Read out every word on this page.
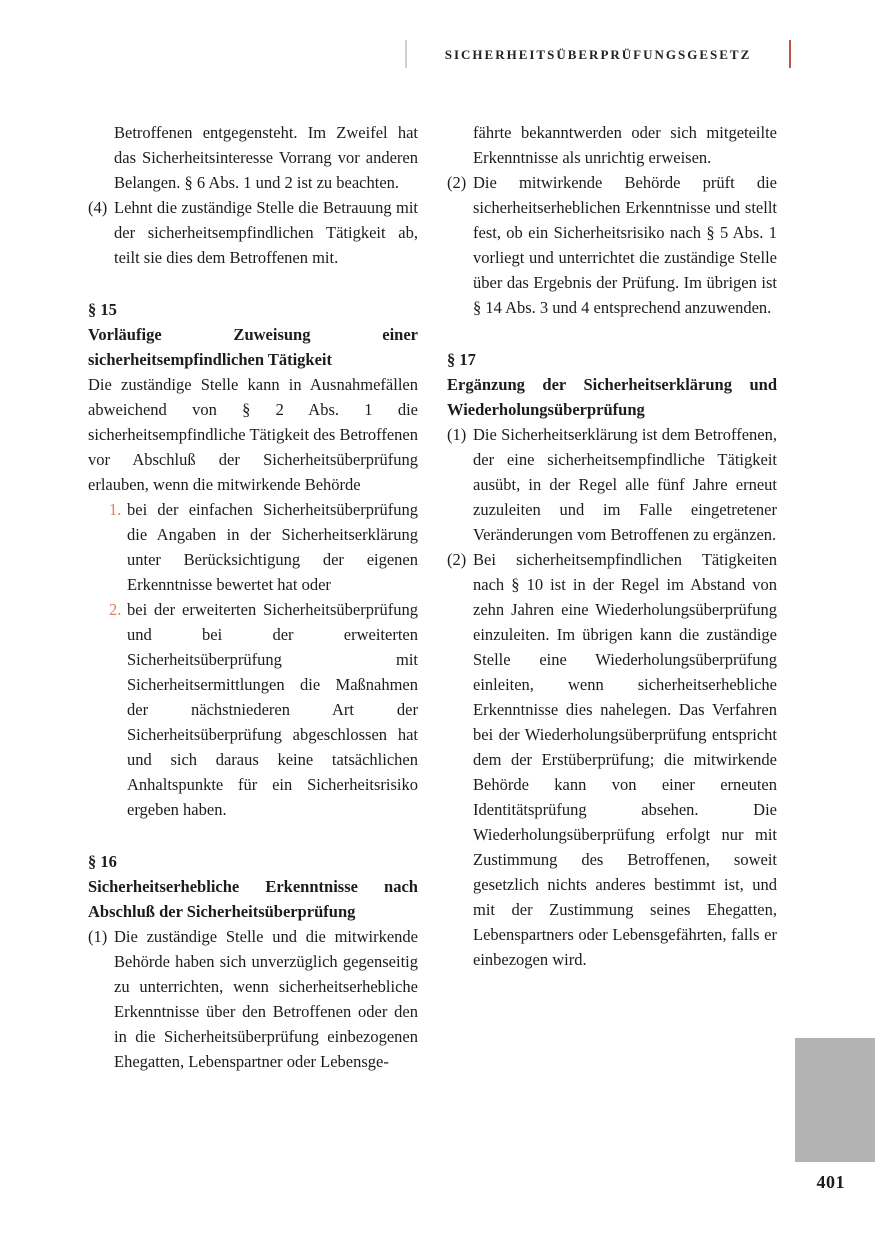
SICHERHEITSÜBERPRÜFUNGSGESETZ

Betroffenen entgegensteht. Im Zweifel hat das Sicherheitsinteresse Vorrang vor anderen Belangen. § 6 Abs. 1 und 2 ist zu beachten.

(4) Lehnt die zuständige Stelle die Betrauung mit der sicherheitsempfindlichen Tätigkeit ab, teilt sie dies dem Betroffenen mit.

§ 15

Vorläufige Zuweisung einer sicherheitsempfindlichen Tätigkeit

Die zuständige Stelle kann in Ausnahmefällen abweichend von § 2 Abs. 1 die sicherheitsempfindliche Tätigkeit des Betroffenen vor Abschluß der Sicherheitsüberprüfung erlauben, wenn die mitwirkende Behörde

1. bei der einfachen Sicherheitsüberprüfung die Angaben in der Sicherheitserklärung unter Berücksichtigung der eigenen Erkenntnisse bewertet hat oder
2. bei der erweiterten Sicherheitsüberprüfung und bei der erweiterten Sicherheitsüberprüfung mit Sicherheitsermittlungen die Maßnahmen der nächstniederen Art der Sicherheitsüberprüfung abgeschlossen hat und sich daraus keine tatsächlichen Anhaltspunkte für ein Sicherheitsrisiko ergeben haben.

§ 16

Sicherheitserhebliche Erkenntnisse nach Abschluß der Sicherheitsüberprüfung

(1) Die zuständige Stelle und die mitwirkende Behörde haben sich unverzüglich gegenseitig zu unterrichten, wenn sicherheitserhebliche Erkenntnisse über den Betroffenen oder den in die Sicherheitsüberprüfung einbezogenen Ehegatten, Lebenspartner oder Lebensge-

fährte bekanntwerden oder sich mitgeteilte Erkenntnisse als unrichtig erweisen.

(2) Die mitwirkende Behörde prüft die sicherheitserheblichen Erkenntnisse und stellt fest, ob ein Sicherheitsrisiko nach § 5 Abs. 1 vorliegt und unterrichtet die zuständige Stelle über das Ergebnis der Prüfung. Im übrigen ist § 14 Abs. 3 und 4 entsprechend anzuwenden.

§ 17

Ergänzung der Sicherheitserklärung und Wiederholungsüberprüfung

(1) Die Sicherheitserklärung ist dem Betroffenen, der eine sicherheitsempfindliche Tätigkeit ausübt, in der Regel alle fünf Jahre erneut zuzuleiten und im Falle eingetretener Veränderungen vom Betroffenen zu ergänzen.

(2) Bei sicherheitsempfindlichen Tätigkeiten nach § 10 ist in der Regel im Abstand von zehn Jahren eine Wiederholungsüberprüfung einzuleiten. Im übrigen kann die zuständige Stelle eine Wiederholungsüberprüfung einleiten, wenn sicherheitserhebliche Erkenntnisse dies nahelegen. Das Verfahren bei der Wiederholungsüberprüfung entspricht dem der Erstüberprüfung; die mitwirkende Behörde kann von einer erneuten Identitätsprüfung absehen. Die Wiederholungsüberprüfung erfolgt nur mit Zustimmung des Betroffenen, soweit gesetzlich nichts anderes bestimmt ist, und mit der Zustimmung seines Ehegatten, Lebenspartners oder Lebensgefährten, falls er einbezogen wird.

401
